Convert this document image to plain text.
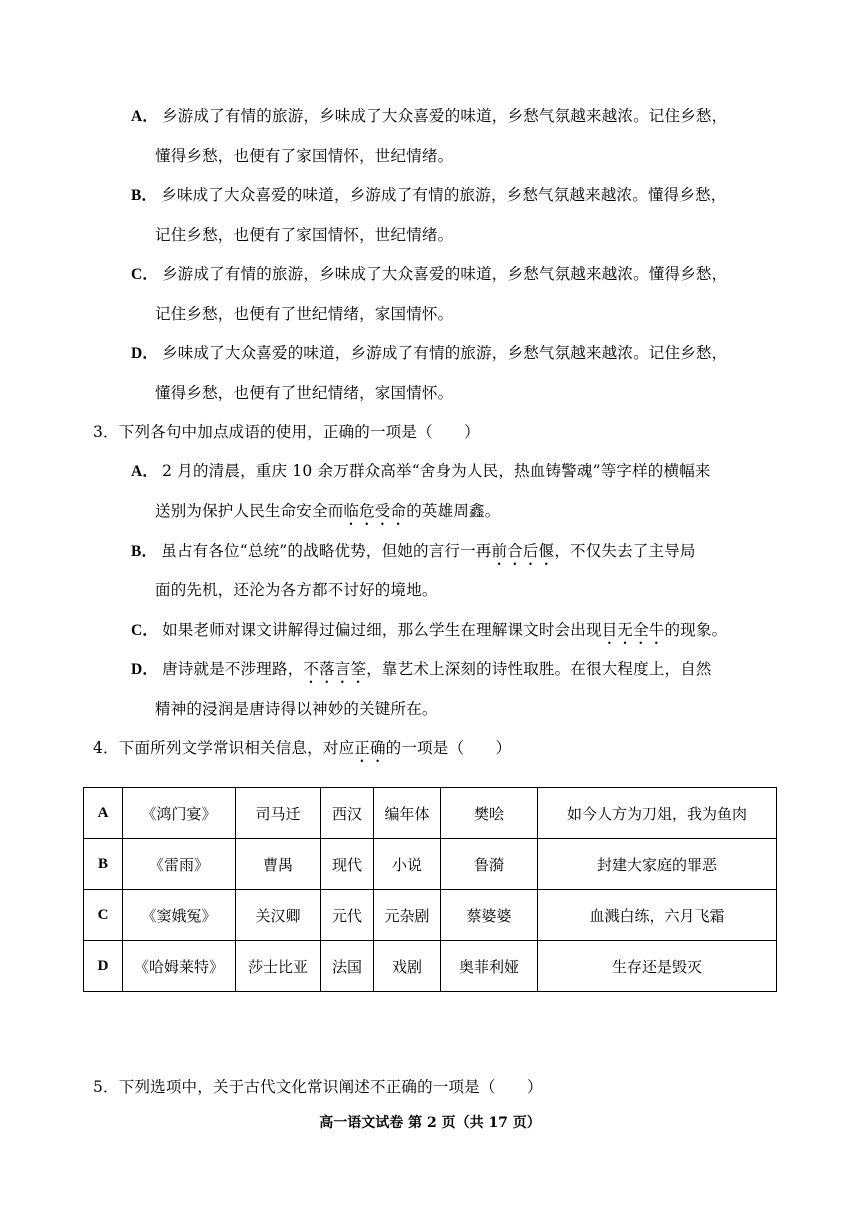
A． 乡游成了有情的旅游，乡味成了大众喜爱的味道，乡愁气氛越来越浓。记住乡愁，
懂得乡愁，也便有了家国情怀，世纪情绪。
B． 乡味成了大众喜爱的味道，乡游成了有情的旅游，乡愁气氛越来越浓。懂得乡愁，
记住乡愁，也便有了家国情怀，世纪情绪。
C． 乡游成了有情的旅游，乡味成了大众喜爱的味道，乡愁气氛越来越浓。懂得乡愁，
记住乡愁，也便有了世纪情绪，家国情怀。
D． 乡味成了大众喜爱的味道，乡游成了有情的旅游，乡愁气氛越来越浓。记住乡愁，
懂得乡愁，也便有了世纪情绪，家国情怀。
3．下列各句中加点成语的使用，正确的一项是（　　）
A． 2 月的清晨，重庆 10 余万群众高举“舍身为人民，热血铸警魂”等字样的横幅来
送别为保护人民生命安全而临危受命的英雄周鑫。
B． 虽占有各位“总统”的战略优势，但她的言行一再前合后偃，不仅失去了主导局
面的先机，还沦为各方都不讨好的境地。
C． 如果老师对课文讲解得过偏过细，那么学生在理解课文时会出现目无全牛的现象。
D． 唐诗就是不涉理路，不落言筌，靠艺术上深刻的诗性取胜。在很大程度上，自然
精神的浸润是唐诗得以神妙的关键所在。
4．下面所列文学常识相关信息，对应正确的一项是（　　）
A	《鸿门宴》	司马迁	西汉	编年体	樊哙	如今人方为刀俎，我为鱼肉
B	《雷雨》	曹禺	现代	小说	鲁漪	封建大家庭的罪恶
C	《窦娥冤》	关汉卿	元代	元杂剧	蔡婆婆	血溅白练，六月飞霜
D	《哈姆莱特》	莎士比亚	法国	戏剧	奥菲利娅	生存还是毁灭
5．下列选项中，关于古代文化常识阐述不正确的一项是（　　）
高一语文试卷 第 2 页（共 17 页）
